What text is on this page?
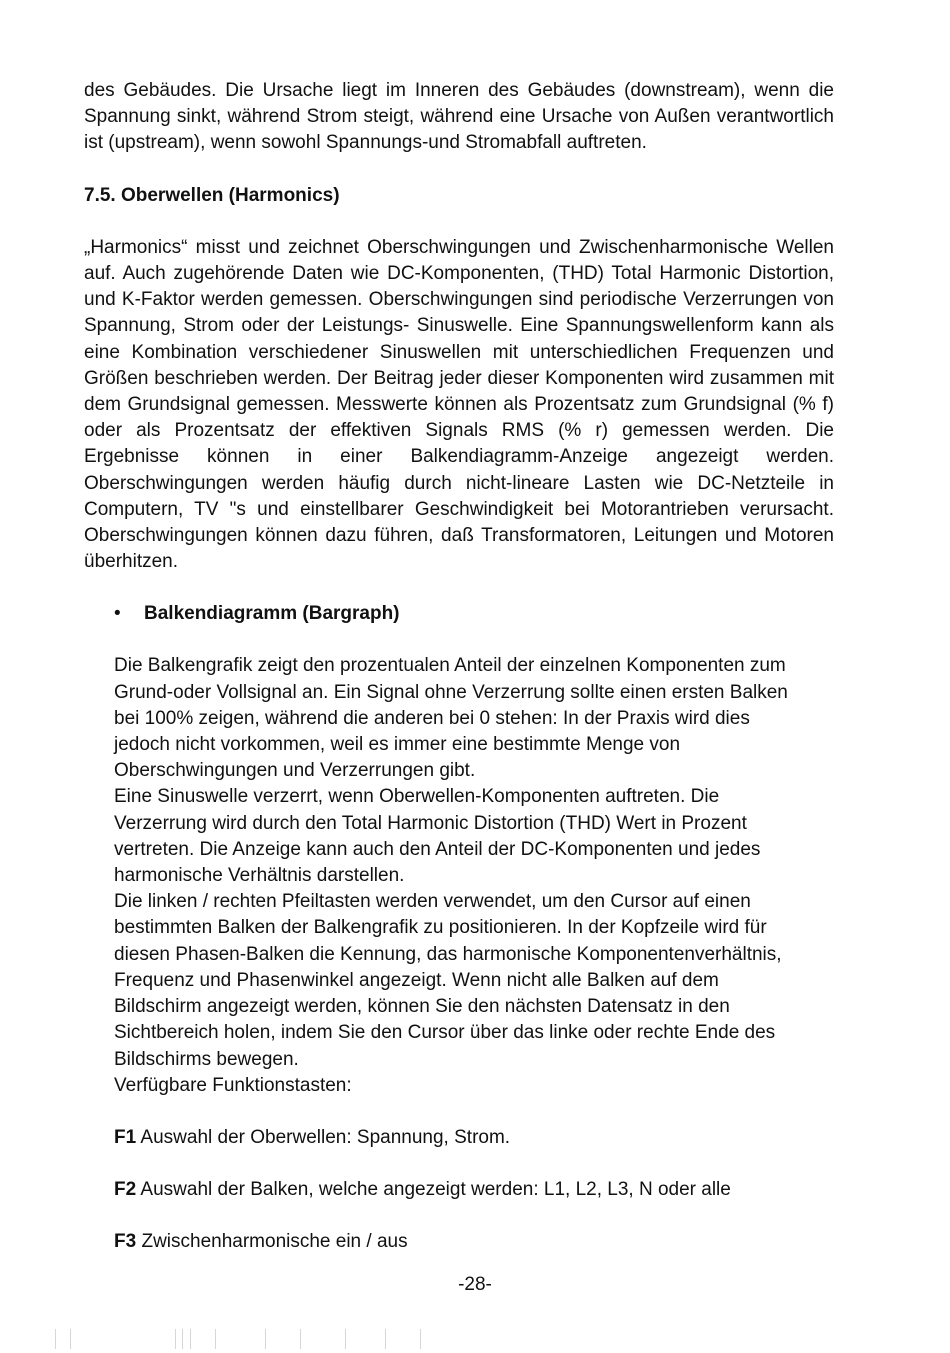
des Gebäudes. Die Ursache liegt im Inneren des Gebäudes (downstream), wenn die Spannung sinkt, während Strom steigt, während eine Ursache von Außen verantwortlich ist (upstream), wenn sowohl Spannungs-und Stromabfall auftreten.

7.5. Oberwellen (Harmonics)

„Harmonics“ misst und zeichnet Oberschwingungen und Zwischenharmonische Wellen auf. Auch zugehörende Daten wie DC-Komponenten, (THD) Total Harmonic Distortion, und K-Faktor werden gemessen. Oberschwingungen sind periodische Verzerrungen von Spannung, Strom oder der Leistungs- Sinuswelle. Eine Spannungswellenform kann als eine Kombination verschiedener Sinuswellen mit unterschiedlichen Frequenzen und Größen beschrieben werden. Der Beitrag jeder dieser Komponenten wird zusammen mit dem Grundsignal gemessen. Messwerte können als Prozentsatz zum Grundsignal (% f) oder als Prozentsatz der effektiven Signals RMS (% r) gemessen werden. Die Ergebnisse können in einer Balkendiagramm-Anzeige angezeigt werden. Oberschwingungen werden häufig durch nicht-lineare Lasten wie DC-Netzteile in Computern, TV "s und einstellbarer Geschwindigkeit bei Motorantrieben verursacht. Oberschwingungen können dazu führen, daß Transformatoren, Leitungen und Motoren überhitzen.

• Balkendiagramm (Bargraph)
Die Balkengrafik zeigt den prozentualen Anteil der einzelnen Komponenten zum
Grund-oder Vollsignal an. Ein Signal ohne Verzerrung sollte einen ersten Balken
bei 100% zeigen, während die anderen bei 0 stehen: In der Praxis wird dies
jedoch nicht vorkommen, weil es immer eine bestimmte Menge von
Oberschwingungen und Verzerrungen gibt.
Eine Sinuswelle verzerrt, wenn Oberwellen-Komponenten auftreten. Die
Verzerrung wird durch den Total Harmonic Distortion (THD) Wert in Prozent
vertreten. Die Anzeige kann auch den Anteil der DC-Komponenten und jedes
harmonische Verhältnis darstellen.
Die linken / rechten Pfeiltasten werden verwendet, um den Cursor auf einen
bestimmten Balken der Balkengrafik zu positionieren. In der Kopfzeile wird für
diesen Phasen-Balken die Kennung, das harmonische Komponentenverhältnis,
Frequenz und Phasenwinkel angezeigt. Wenn nicht alle Balken auf dem
Bildschirm angezeigt werden, können Sie den nächsten Datensatz in den
Sichtbereich holen, indem Sie den Cursor über das linke oder rechte Ende des
Bildschirms bewegen.
Verfügbare Funktionstasten:
F1 Auswahl der Oberwellen: Spannung, Strom.
F2 Auswahl der Balken, welche angezeigt werden: L1, L2, L3, N oder alle
F3 Zwischenharmonische ein / aus
-28-
